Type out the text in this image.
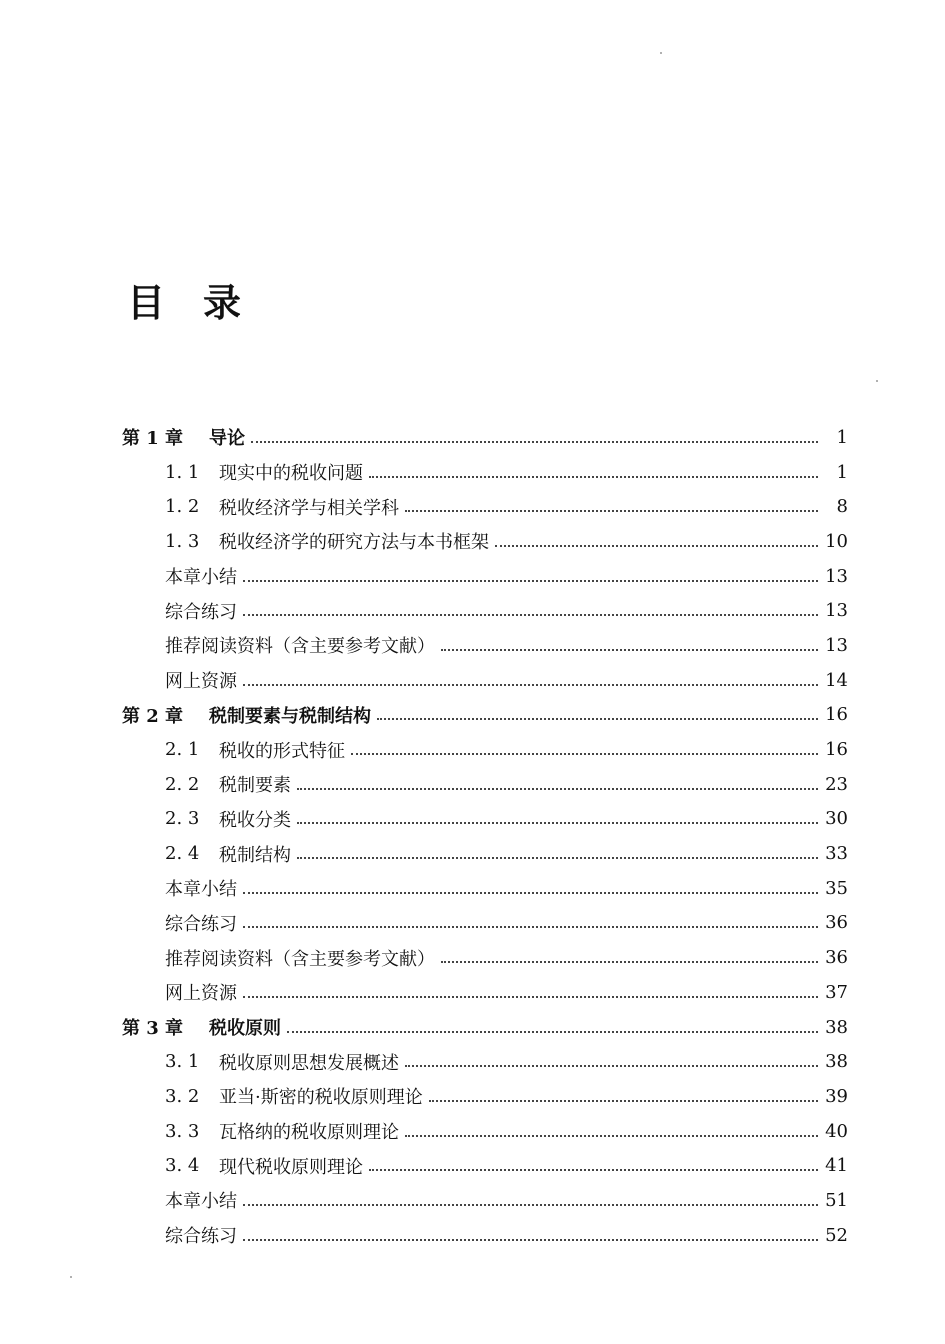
目　录
第 1 章	导论	1
1. 1	现实中的税收问题	1
1. 2	税收经济学与相关学科	8
1. 3	税收经济学的研究方法与本书框架	10
本章小结	13
综合练习	13
推荐阅读资料（含主要参考文献）	13
网上资源	14
第 2 章	税制要素与税制结构	16
2. 1	税收的形式特征	16
2. 2	税制要素	23
2. 3	税收分类	30
2. 4	税制结构	33
本章小结	35
综合练习	36
推荐阅读资料（含主要参考文献）	36
网上资源	37
第 3 章	税收原则	38
3. 1	税收原则思想发展概述	38
3. 2	亚当·斯密的税收原则理论	39
3. 3	瓦格纳的税收原则理论	40
3. 4	现代税收原则理论	41
本章小结	51
综合练习	52
